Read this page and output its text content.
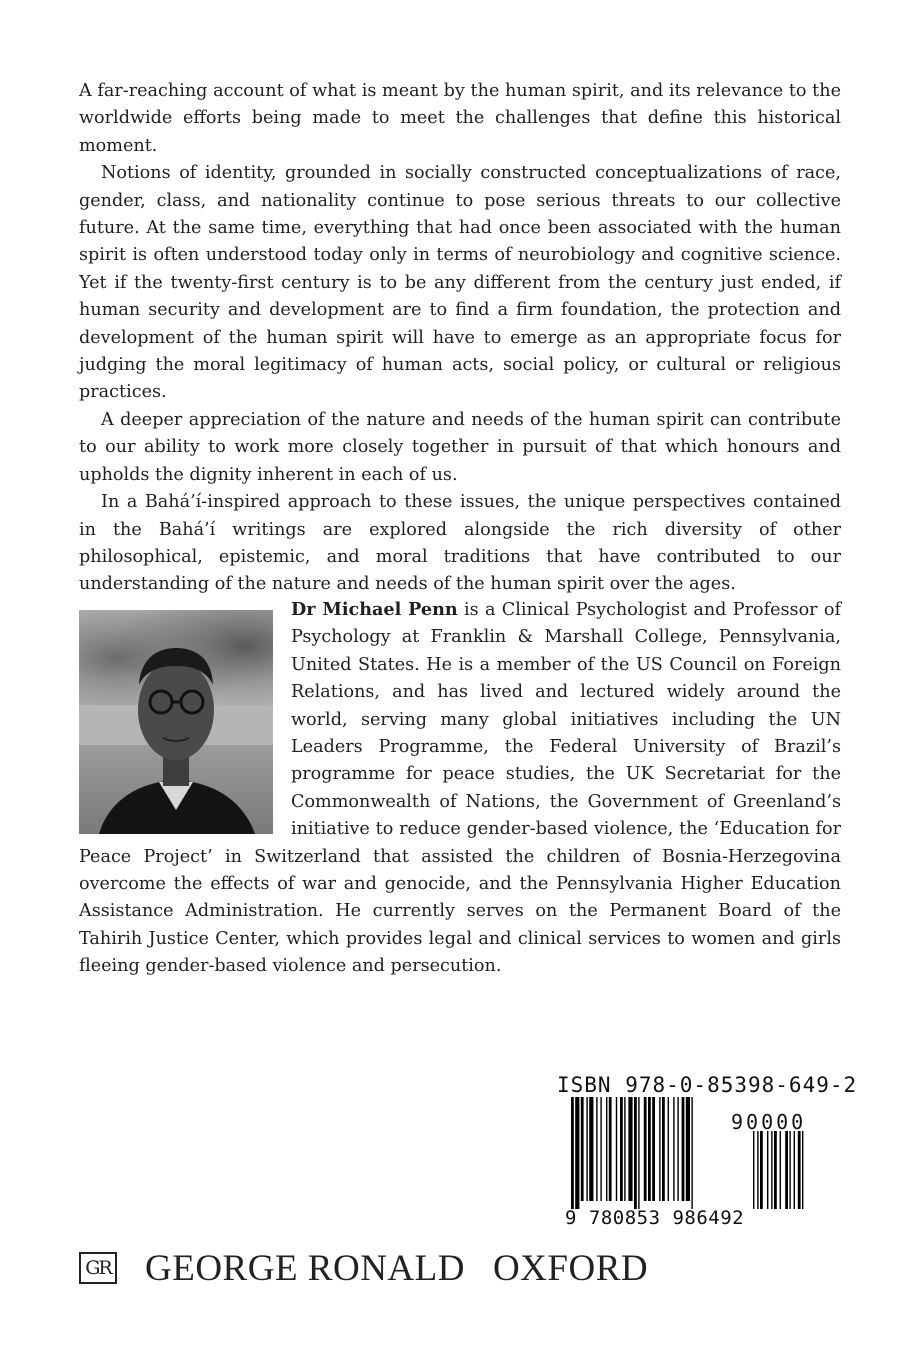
A far-reaching account of what is meant by the human spirit, and its relevance to the worldwide efforts being made to meet the challenges that define this historical moment.

Notions of identity, grounded in socially constructed conceptualizations of race, gender, class, and nationality continue to pose serious threats to our collective future. At the same time, everything that had once been associated with the human spirit is often understood today only in terms of neurobiology and cognitive science. Yet if the twenty-first century is to be any different from the century just ended, if human security and development are to find a firm foundation, the protection and development of the human spirit will have to emerge as an appropriate focus for judging the moral legitimacy of human acts, social policy, or cultural or religious practices.

A deeper appreciation of the nature and needs of the human spirit can contribute to our ability to work more closely together in pursuit of that which honours and upholds the dignity inherent in each of us.

In a Bahá’í-inspired approach to these issues, the unique perspectives contained in the Bahá’í writings are explored alongside the rich diversity of other philosophical, epistemic, and moral traditions that have contributed to our understanding of the nature and needs of the human spirit over the ages.

Dr Michael Penn is a Clinical Psychologist and Professor of Psychology at Franklin & Marshall College, Pennsylvania, United States. He is a member of the US Council on Foreign Relations, and has lived and lectured widely around the world, serving many global initiatives including the UN Leaders Programme, the Federal University of Brazil’s programme for peace studies, the UK Secretariat for the Commonwealth of Nations, the Government of Greenland’s initiative to reduce gender-based violence, the ‘Education for Peace Project’ in Switzerland that assisted the children of Bosnia-Herzegovina overcome the effects of war and genocide, and the Pennsylvania Higher Education Assistance Administration. He currently serves on the Permanent Board of the Tahirih Justice Center, which provides legal and clinical services to women and girls fleeing gender-based violence and persecution.
ISBN 978-0-85398-649-2
90000
9 780853 986492
GR GEORGE RONALD OXFORD
